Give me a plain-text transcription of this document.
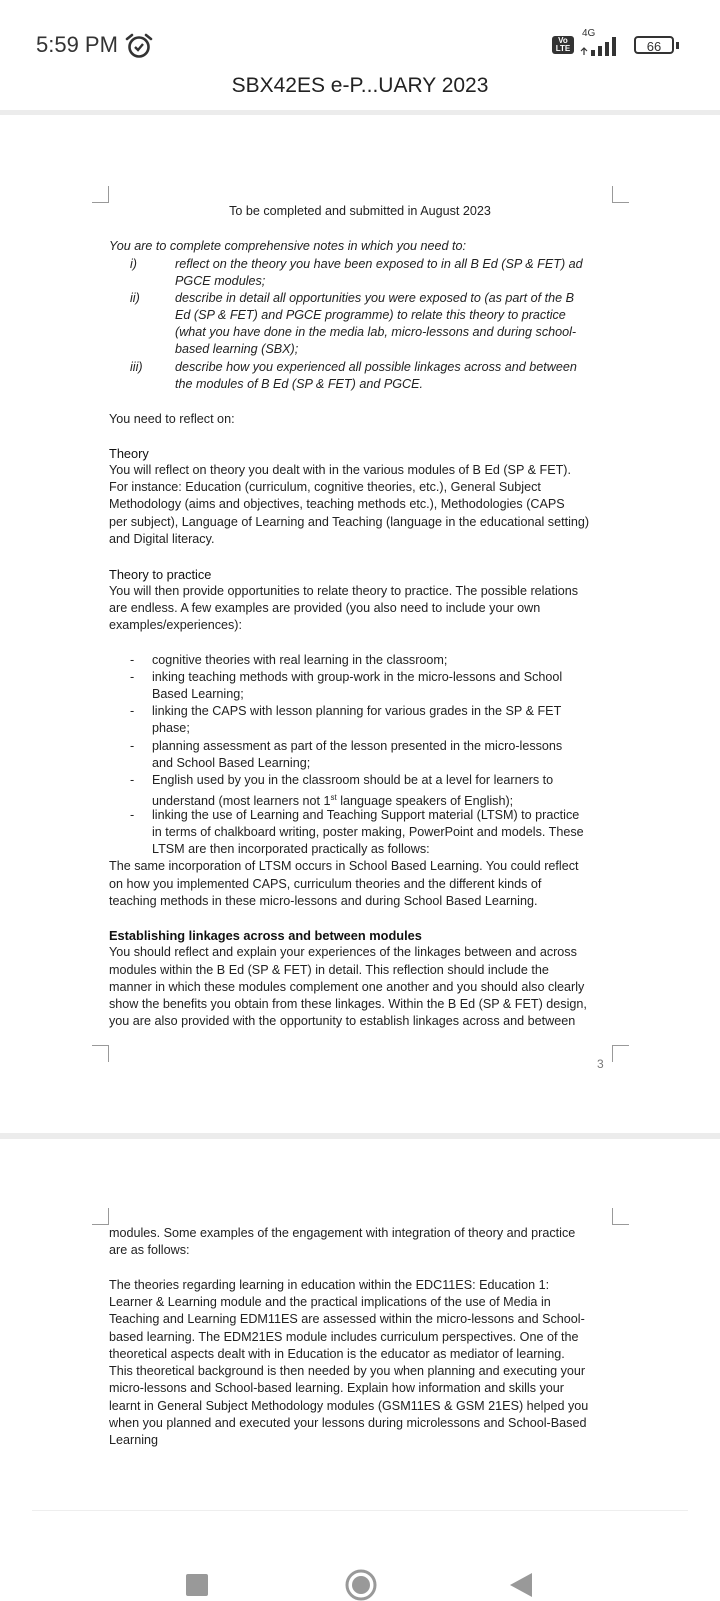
5:59 PM	Vo LTE
4G
66
SBX42ES e-P...UARY 2023
To be completed and submitted in August 2023
You are to complete comprehensive notes in which you need to:
i)	reflect on the theory you have been exposed to in all B Ed (SP & FET) ad
PGCE modules;
ii)	describe in detail all opportunities you were exposed to (as part of the B
Ed (SP & FET) and PGCE programme) to relate this theory to practice
(what you have done in the media lab, micro-lessons and during school-
based learning (SBX);
iii)	describe how you experienced all possible linkages across and between
the modules of B Ed (SP & FET) and PGCE.
You need to reflect on:
Theory
You will reflect on theory you dealt with in the various modules of B Ed (SP & FET).
For instance: Education (curriculum, cognitive theories, etc.), General Subject
Methodology (aims and objectives, teaching methods etc.), Methodologies (CAPS
per subject), Language of Learning and Teaching (language in the educational setting)
and Digital literacy.
Theory to practice
You will then provide opportunities to relate theory to practice. The possible relations
are endless. A few examples are provided (you also need to include your own
examples/experiences):
- cognitive theories with real learning in the classroom;
- inking teaching methods with group-work in the micro-lessons and School
Based Learning;
- linking the CAPS with lesson planning for various grades in the SP & FET
phase;
- planning assessment as part of the lesson presented in the micro-lessons
and School Based Learning;
- English used by you in the classroom should be at a level for learners to
understand (most learners not 1st language speakers of English);
- linking the use of Learning and Teaching Support material (LTSM) to practice
in terms of chalkboard writing, poster making, PowerPoint and models. These
LTSM are then incorporated practically as follows:
The same incorporation of LTSM occurs in School Based Learning. You could reflect
on how you implemented CAPS, curriculum theories and the different kinds of
teaching methods in these micro-lessons and during School Based Learning.
Establishing linkages across and between modules
You should reflect and explain your experiences of the linkages between and across
modules within the B Ed (SP & FET) in detail. This reflection should include the
manner in which these modules complement one another and you should also clearly
show the benefits you obtain from these linkages. Within the B Ed (SP & FET) design,
you are also provided with the opportunity to establish linkages across and between
3
modules. Some examples of the engagement with integration of theory and practice
are as follows:
The theories regarding learning in education within the EDC11ES: Education 1:
Learner & Learning module and the practical implications of the use of Media in
Teaching and Learning EDM11ES are assessed within the micro-lessons and School-
based learning. The EDM21ES module includes curriculum perspectives. One of the
theoretical aspects dealt with in Education is the educator as mediator of learning.
This theoretical background is then needed by you when planning and executing your
micro-lessons and School-based learning. Explain how information and skills your
learnt in General Subject Methodology modules (GSM11ES & GSM 21ES) helped you
when you planned and executed your lessons during microlessons and School-Based
Learning
